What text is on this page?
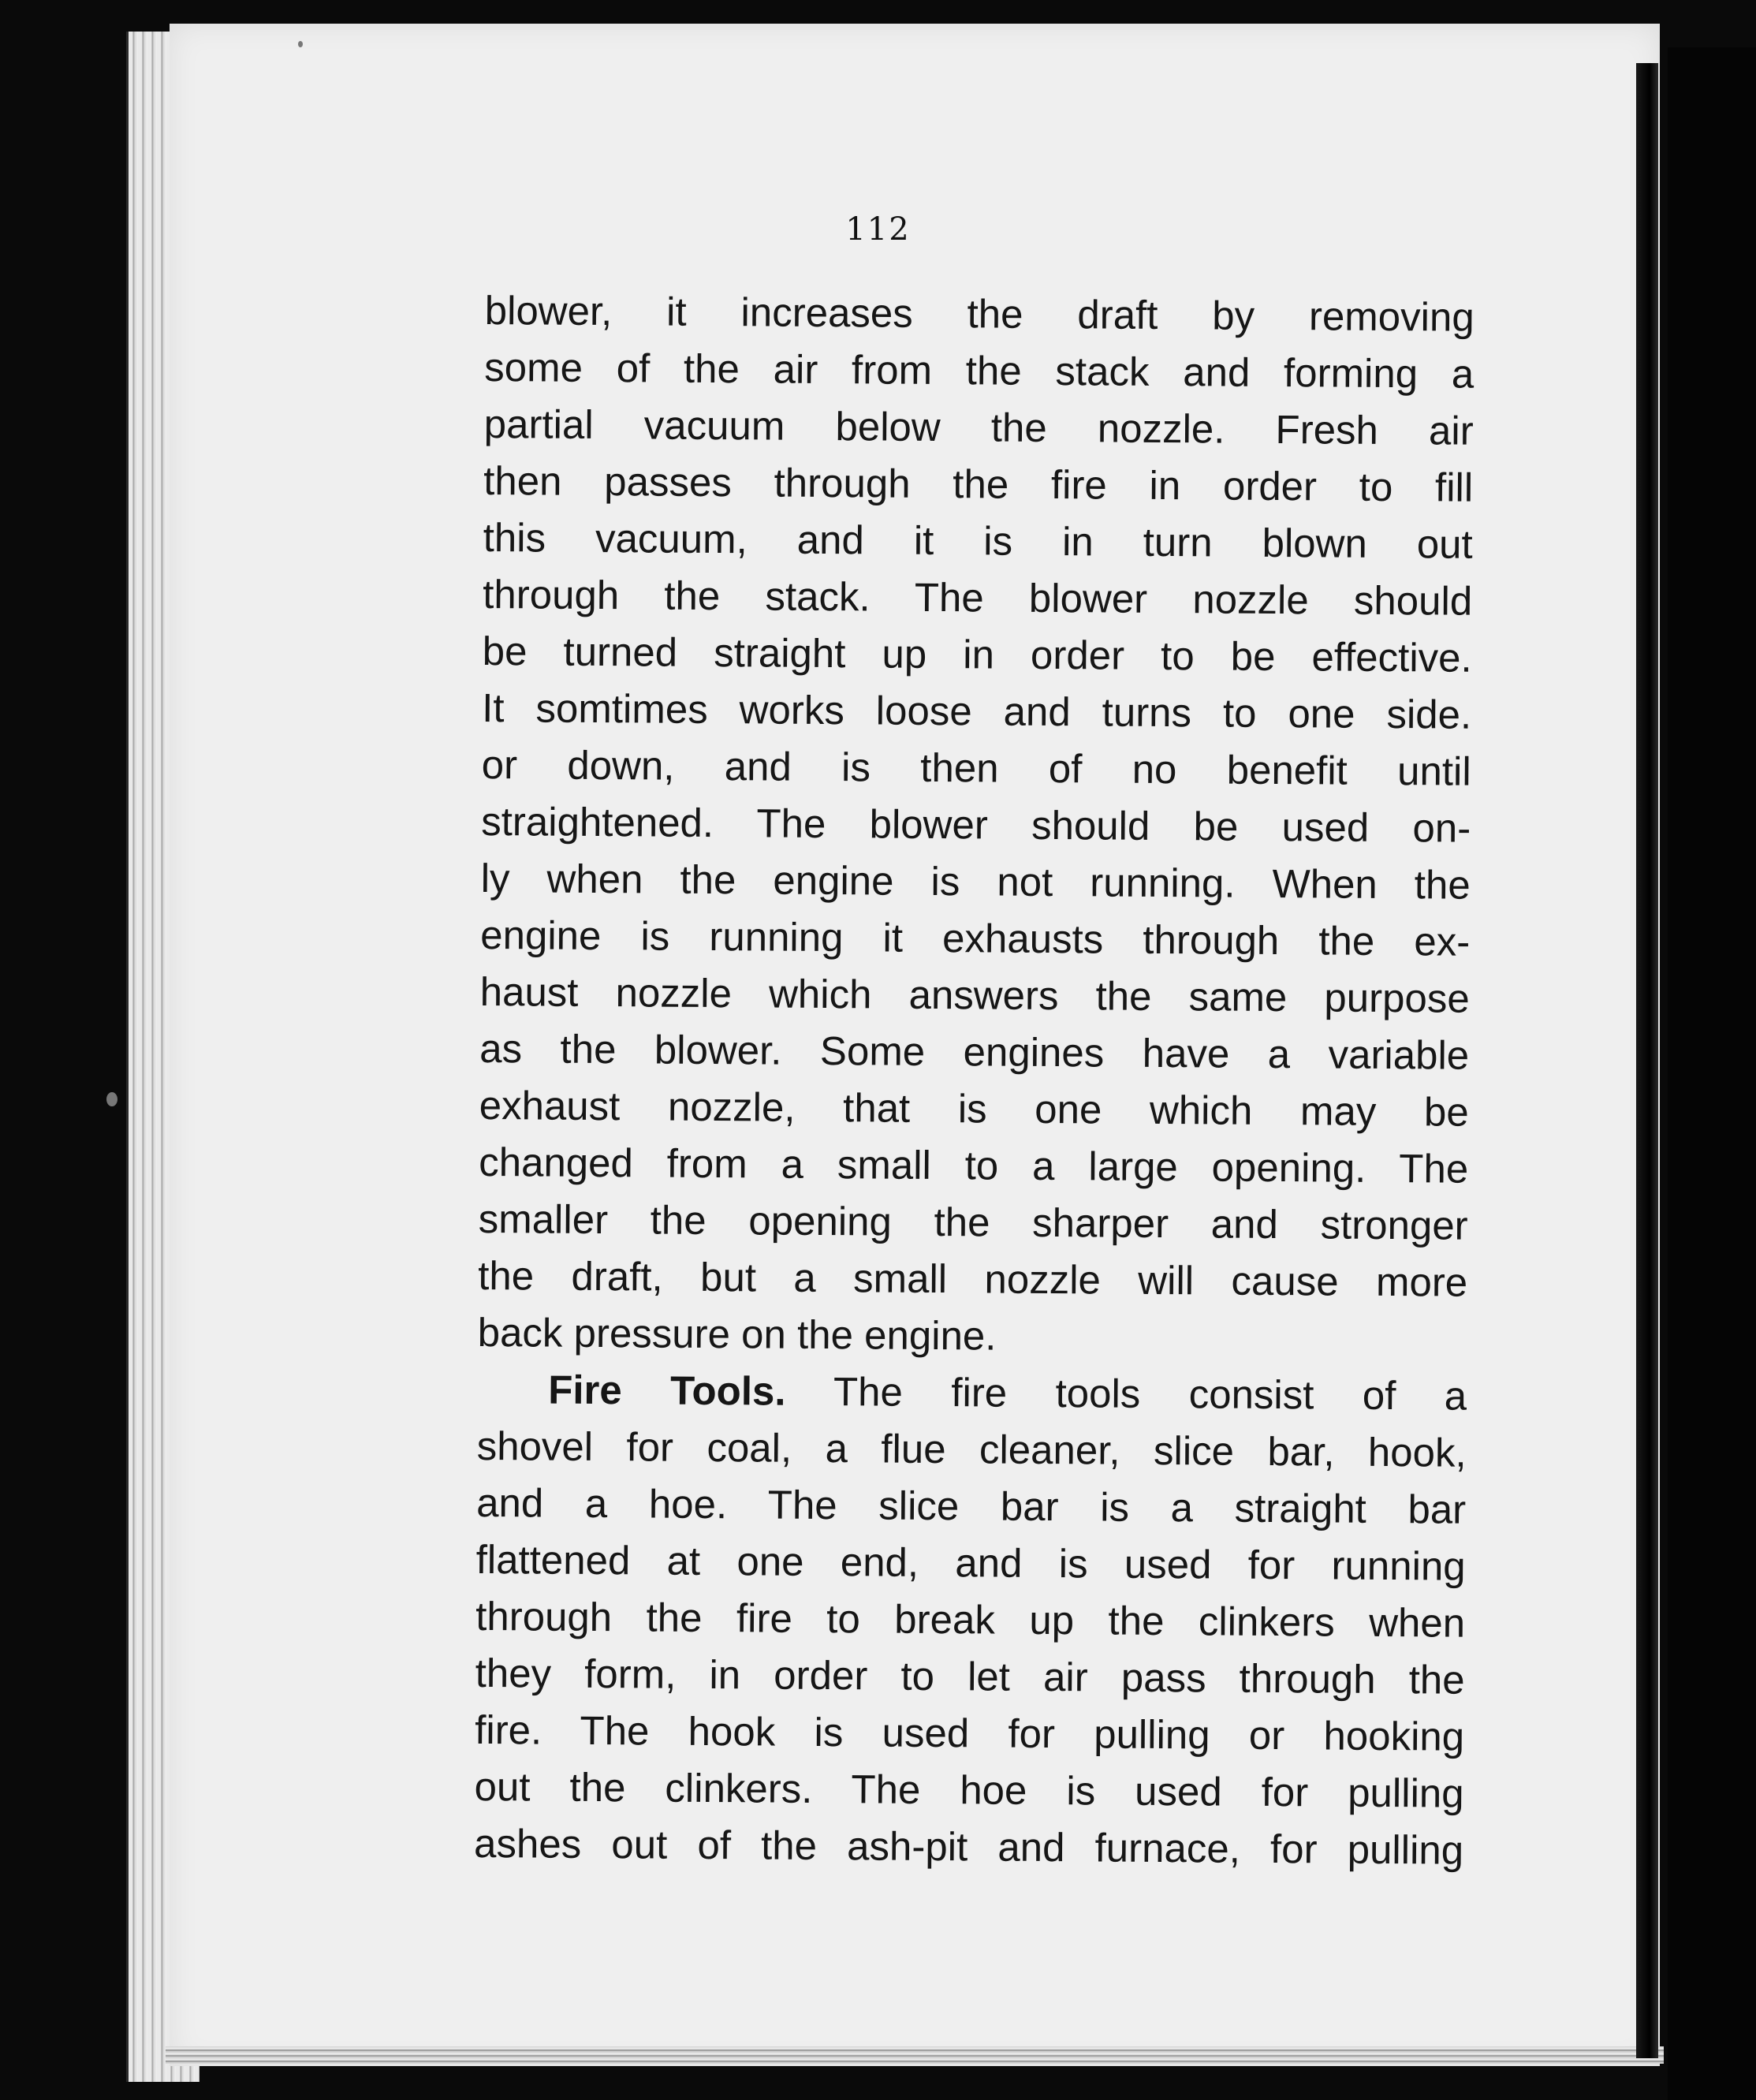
112
blower, it increases the draft by removing
some of the air from the stack and forming a
partial vacuum below the nozzle. Fresh air
then passes through the fire in order to fill
this vacuum, and it is in turn blown out
through the stack. The blower nozzle should
be turned straight up in order to be effective.
It somtimes works loose and turns to one side.
or down, and is then of no benefit until
straightened. The blower should be used on-
ly when the engine is not running. When the
engine is running it exhausts through the ex-
haust nozzle which answers the same purpose
as the blower. Some engines have a variable
exhaust nozzle, that is one which may be
changed from a small to a large opening. The
smaller the opening the sharper and stronger
the draft, but a small nozzle will cause more
back pressure on the engine.
Fire Tools. The fire tools consist of a
shovel for coal, a flue cleaner, slice bar, hook,
and a hoe. The slice bar is a straight bar
flattened at one end, and is used for running
through the fire to break up the clinkers when
they form, in order to let air pass through the
fire. The hook is used for pulling or hooking
out the clinkers. The hoe is used for pulling
ashes out of the ash-pit and furnace, for pulling
